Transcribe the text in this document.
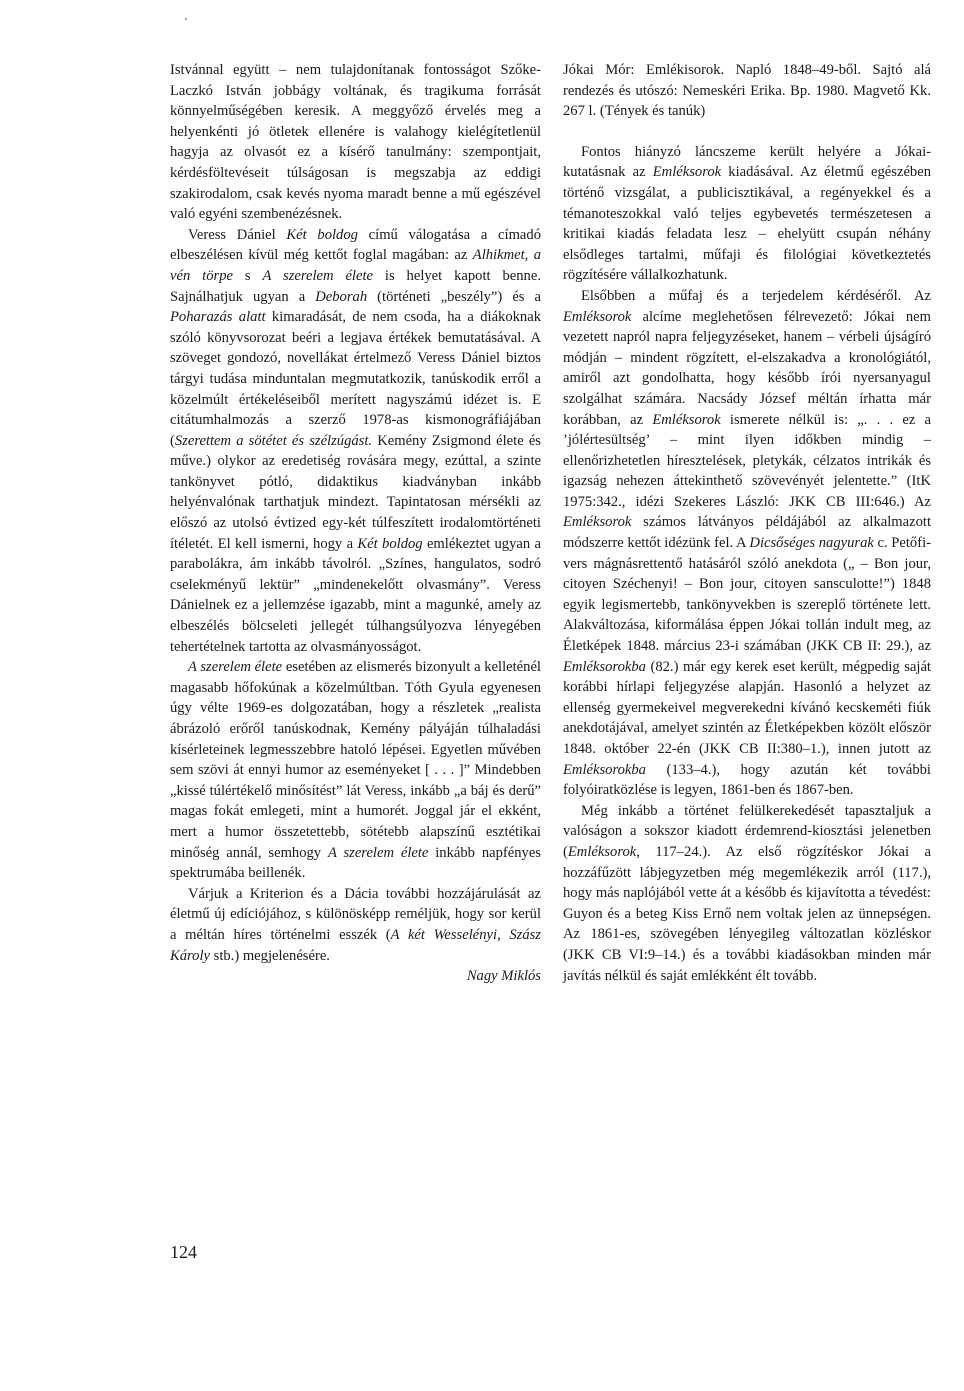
Istvánnal együtt – nem tulajdonítanak fontosságot Szőke-Laczkó István jobbágy voltának, és tragikuma forrását könnyelműségében keresik. A meggyőző érvelés meg a helyenkénti jó ötletek ellenére is valahogy kielégítetlenül hagyja az olvasót ez a kísérő tanulmány: szempontjait, kérdésföltevéseit túlságosan is megszabja az eddigi szakirodalom, csak kevés nyoma maradt benne a mű egészével való egyéni szembenézésnek.

Veress Dániel Két boldog című válogatása a címadó elbeszélésen kívül még kettőt foglal magában: az Alhikmet, a vén törpe s A szerelem élete is helyet kapott benne. Sajnálhatjuk ugyan a Deborah (történeti „beszély”) és a Poharazás alatt kimaradását, de nem csoda, ha a diákoknak szóló könyvsorozat beéri a legjava értékek bemutatásával. A szöveget gondozó, novellákat értelmező Veress Dániel biztos tárgyi tudása minduntalan megmutatkozik, tanúskodik erről a közelmúlt értékeléseiből merített nagyszámú idézet is. E citátumhalmozás a szerző 1978-as kismonográfiájában (Szerettem a sötétet és szélzúgást. Kemény Zsigmond élete és műve.) olykor az eredetiség rovására megy, ezúttal, a szinte tankönyvet pótló, didaktikus kiadványban inkább helyénvalónak tarthatjuk mindezt. Tapintatosan mérsékli az előszó az utolsó évtized egy-két túlfeszített irodalomtörténeti ítéletét. El kell ismerni, hogy a Két boldog emlékeztet ugyan a parabolákra, ám inkább távolról. „Színes, hangulatos, sodró cselekményű lektür” „mindenekelőtt olvasmány”. Veress Dánielnek ez a jellemzése igazabb, mint a magunké, amely az elbeszélés bölcseleti jellegét túlhangsúlyozva lényegében tehertételnek tartotta az olvasmányosságot.

A szerelem élete esetében az elismerés bizonyult a kelleténél magasabb hőfokúnak a közelmúltban. Tóth Gyula egyenesen úgy vélte 1969-es dolgozatában, hogy a részletek „realista ábrázoló erőről tanúskodnak, Kemény pályáján túlhaladási kísérleteinek legmesszebbre hatoló lépései. Egyetlen művében sem szövi át ennyi humor az eseményeket [ . . . ]” Mindebben „kissé túlértékelő minősítést” lát Veress, inkább „a báj és derű” magas fokát emlegeti, mint a humorét. Joggal jár el ekként, mert a humor összetettebb, sötétebb alapszínű esztétikai minőség annál, semhogy A szerelem élete inkább napfényes spektrumába beillenék.

Várjuk a Kriterion és a Dácia további hozzájárulását az életmű új edíciójához, s különösképp reméljük, hogy sor kerül a méltán híres történelmi esszék (A két Wesselényi, Szász Károly stb.) megjelenésére.

Nagy Miklós

Jókai Mór: Emlékisorok. Napló 1848–49-ből. Sajtó alá rendezés és utószó: Nemeskéri Erika. Bp. 1980. Magvető Kk. 267 l. (Tények és tanúk)

Fontos hiányzó láncszeme került helyére a Jókai-kutatásnak az Emléksorok kiadásával. Az életmű egészében történő vizsgálat, a publicisztikával, a regényekkel és a témanoteszokkal való teljes egybevetés természetesen a kritikai kiadás feladata lesz – ehelyütt csupán néhány elsődleges tartalmi, műfaji és filológiai következtetés rögzítésére vállalkozhatunk.

Elsőbben a műfaj és a terjedelem kérdéséről. Az Emléksorok alcíme meglehetősen félrevezető: Jókai nem vezetett napról napra feljegyzéseket, hanem – vérbeli újságíró módján – mindent rögzített, el-elszakadva a kronológiától, amiről azt gondolhatta, hogy később írói nyersanyagul szolgálhat számára. Nacsády József méltán írhatta már korábban, az Emléksorok ismerete nélkül is: „. . . ez a ’jólértesültség’ – mint ilyen időkben mindig – ellenőrizhetetlen híresztelések, pletykák, célzatos intrikák és igazság nehezen áttekinthető szövevényét jelentette.” (ItK 1975:342., idézi Szekeres László: JKK CB III:646.) Az Emléksorok számos látványos példájából az alkalmazott módszerre kettőt idézünk fel. A Dicsőséges nagyurak c. Petőfi-vers mágnásrettentő hatásáról szóló anekdota („ – Bon jour, citoyen Széchenyi! – Bon jour, citoyen sansculotte!”) 1848 egyik legismertebb, tankönyvekben is szereplő története lett. Alakváltozása, kiformálása éppen Jókai tollán indult meg, az Életképek 1848. március 23-i számában (JKK CB II: 29.), az Emléksorokba (82.) már egy kerek eset került, mégpedig saját korábbi hírlapi feljegyzése alapján. Hasonló a helyzet az ellenség gyermekeivel megverekedni kívánó kecskeméti fiúk anekdotájával, amelyet szintén az Életképekben közölt először 1848. október 22-én (JKK CB II:380–1.), innen jutott az Emléksorokba (133–4.), hogy azután két további folyóiratközlése is legyen, 1861-ben és 1867-ben.

Még inkább a történet felülkerekedését tapasztaljuk a valóságon a sokszor kiadott érdemrend-kiosztási jelenetben (Emléksorok, 117–24.). Az első rögzítéskor Jókai a hozzáfűzött lábjegyzetben még megemlékezik arról (117.), hogy más naplójából vette át a később és kijavította a tévedést: Guyon és a beteg Kiss Ernő nem voltak jelen az ünnepségen. Az 1861-es, szövegében lényegileg változatlan közléskor (JKK CB VI:9–14.) és a további kiadásokban minden már javítás nélkül és saját emlékként élt tovább.

124
